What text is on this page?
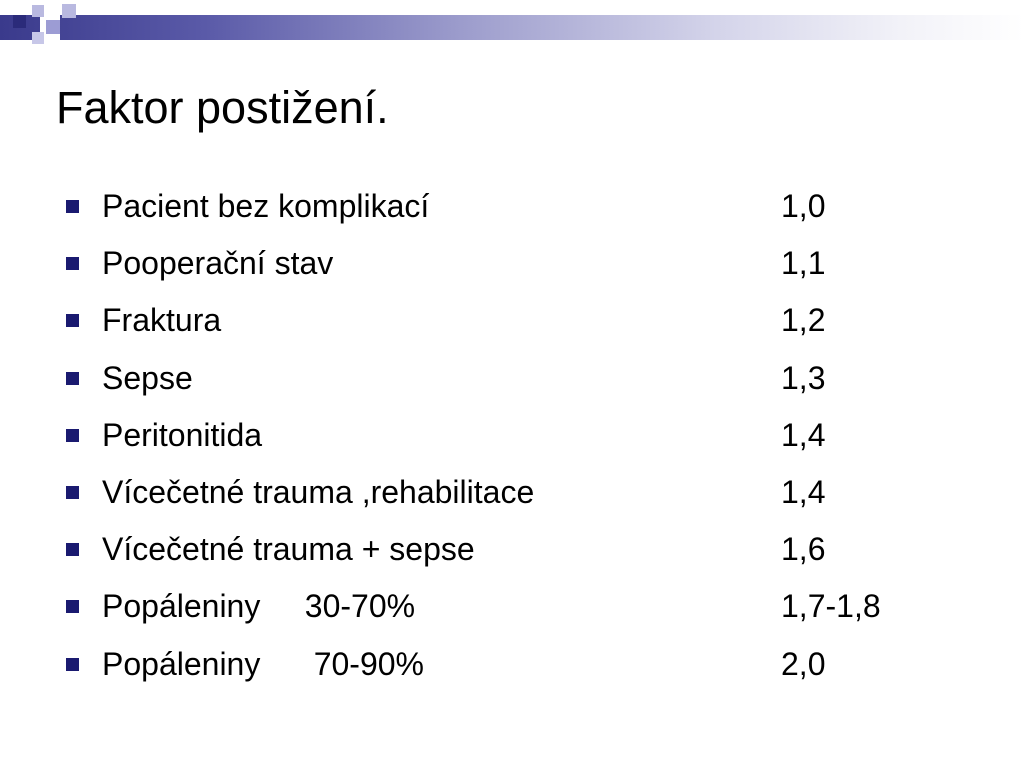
Faktor postižení.
Pacient bez komplikací	1,0
Pooperační stav	1,1
Fraktura	1,2
Sepse	1,3
Peritonitida	1,4
Vícečetné trauma ,rehabilitace	1,4
Vícečetné trauma + sepse	1,6
Popáleniny     30-70%	1,7-1,8
Popáleniny      70-90%	2,0
